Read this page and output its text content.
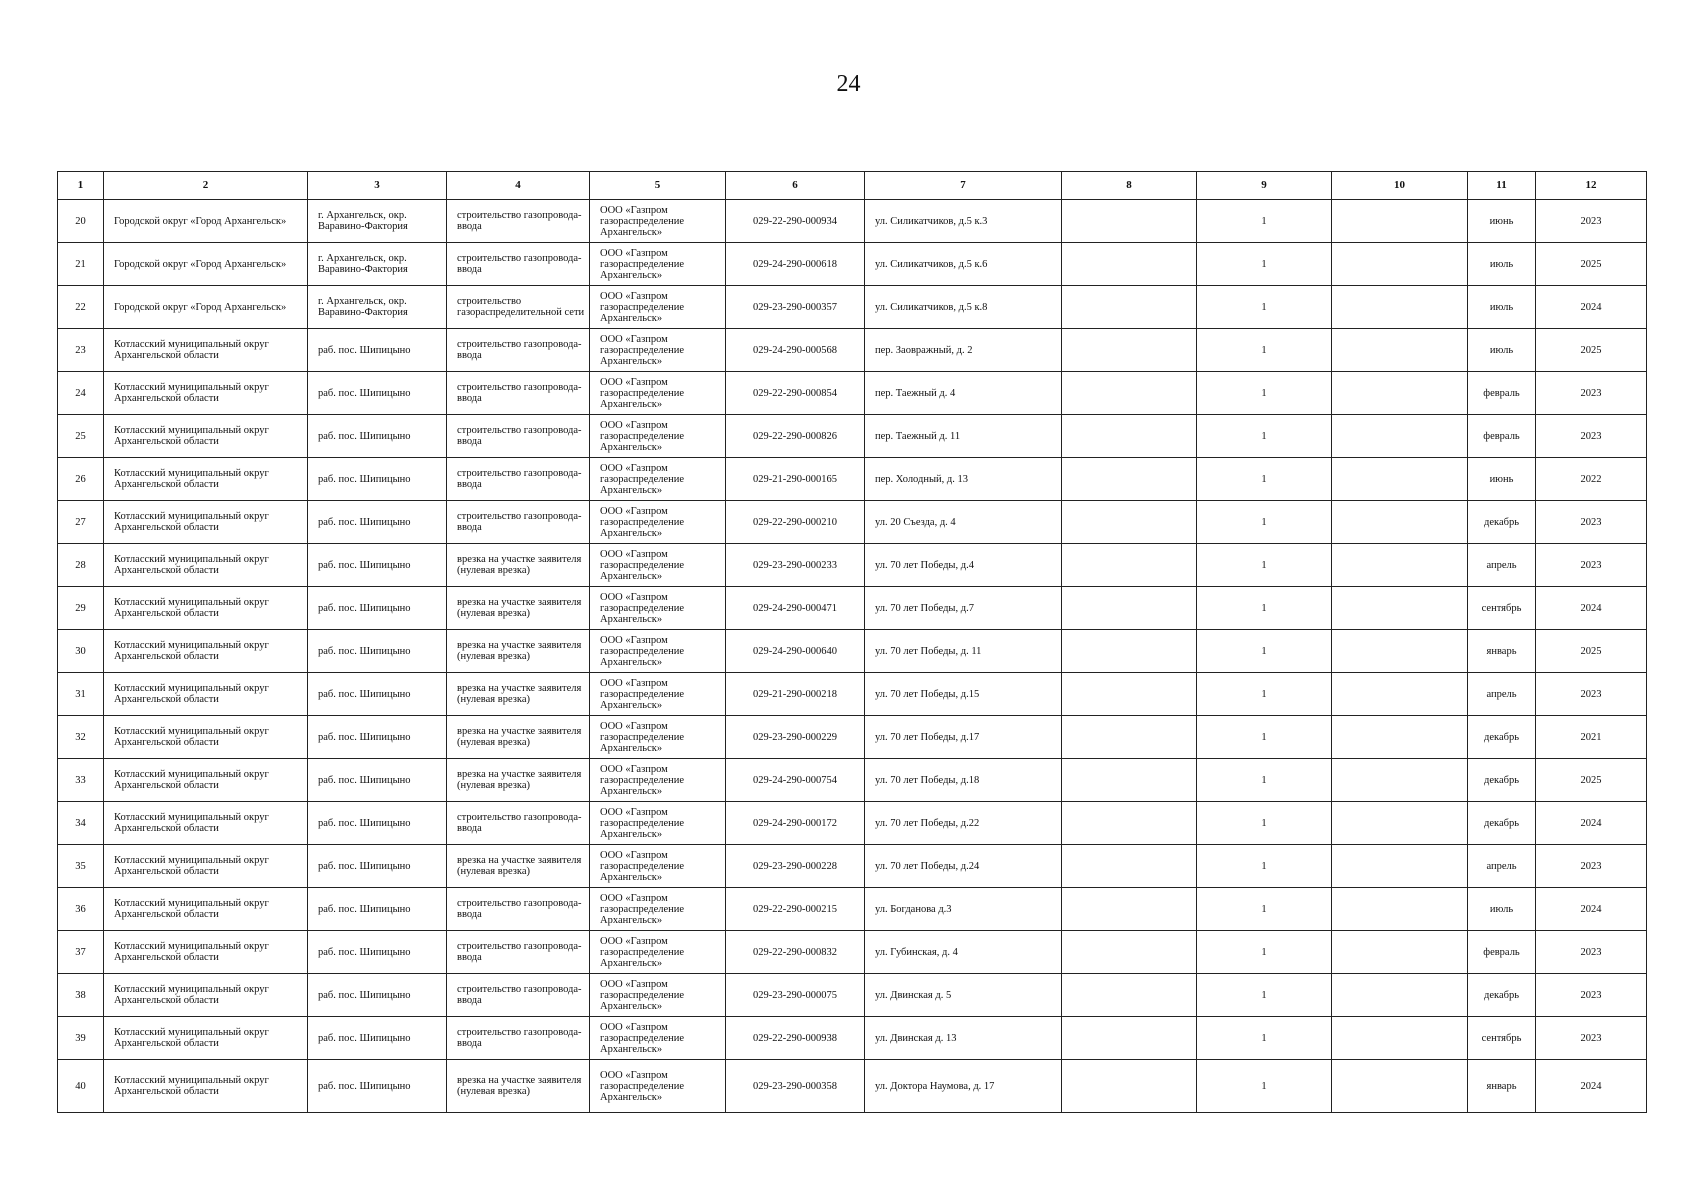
24
1	2	3	4	5	6	7	8	9	10	11	12
20	Городской округ «Город Архангельск»	г. Архангельск, окр. Варавино-Фактория	строительство газопровода-ввода	ООО «Газпром газораспределение Архангельск»	029-22-290-000934	ул. Силикатчиков, д.5 к.3		1		июнь	2023
21	Городской округ «Город Архангельск»	г. Архангельск, окр. Варавино-Фактория	строительство газопровода-ввода	ООО «Газпром газораспределение Архангельск»	029-24-290-000618	ул. Силикатчиков, д.5 к.6		1		июль	2025
22	Городской округ «Город Архангельск»	г. Архангельск, окр. Варавино-Фактория	строительство газораспределительной сети	ООО «Газпром газораспределение Архангельск»	029-23-290-000357	ул. Силикатчиков, д.5 к.8		1		июль	2024
23	Котласский муниципальный округ Архангельской области	раб. пос. Шипицыно	строительство газопровода-ввода	ООО «Газпром газораспределение Архангельск»	029-24-290-000568	пер. Заовражный, д. 2		1		июль	2025
24	Котласский муниципальный округ Архангельской области	раб. пос. Шипицыно	строительство газопровода-ввода	ООО «Газпром газораспределение Архангельск»	029-22-290-000854	пер. Таежный д. 4		1		февраль	2023
25	Котласский муниципальный округ Архангельской области	раб. пос. Шипицыно	строительство газопровода-ввода	ООО «Газпром газораспределение Архангельск»	029-22-290-000826	пер. Таежный д. 11		1		февраль	2023
26	Котласский муниципальный округ Архангельской области	раб. пос. Шипицыно	строительство газопровода-ввода	ООО «Газпром газораспределение Архангельск»	029-21-290-000165	пер. Холодный, д. 13		1		июнь	2022
27	Котласский муниципальный округ Архангельской области	раб. пос. Шипицыно	строительство газопровода-ввода	ООО «Газпром газораспределение Архангельск»	029-22-290-000210	ул. 20 Съезда, д. 4		1		декабрь	2023
28	Котласский муниципальный округ Архангельской области	раб. пос. Шипицыно	врезка на участке заявителя (нулевая врезка)	ООО «Газпром газораспределение Архангельск»	029-23-290-000233	ул. 70 лет Победы, д.4		1		апрель	2023
29	Котласский муниципальный округ Архангельской области	раб. пос. Шипицыно	врезка на участке заявителя (нулевая врезка)	ООО «Газпром газораспределение Архангельск»	029-24-290-000471	ул. 70 лет Победы, д.7		1		сентябрь	2024
30	Котласский муниципальный округ Архангельской области	раб. пос. Шипицыно	врезка на участке заявителя (нулевая врезка)	ООО «Газпром газораспределение Архангельск»	029-24-290-000640	ул. 70 лет Победы, д. 11		1		январь	2025
31	Котласский муниципальный округ Архангельской области	раб. пос. Шипицыно	врезка на участке заявителя (нулевая врезка)	ООО «Газпром газораспределение Архангельск»	029-21-290-000218	ул. 70 лет Победы, д.15		1		апрель	2023
32	Котласский муниципальный округ Архангельской области	раб. пос. Шипицыно	врезка на участке заявителя (нулевая врезка)	ООО «Газпром газораспределение Архангельск»	029-23-290-000229	ул. 70 лет Победы, д.17		1		декабрь	2021
33	Котласский муниципальный округ Архангельской области	раб. пос. Шипицыно	врезка на участке заявителя (нулевая врезка)	ООО «Газпром газораспределение Архангельск»	029-24-290-000754	ул. 70 лет Победы, д.18		1		декабрь	2025
34	Котласский муниципальный округ Архангельской области	раб. пос. Шипицыно	строительство газопровода-ввода	ООО «Газпром газораспределение Архангельск»	029-24-290-000172	ул. 70 лет Победы, д.22		1		декабрь	2024
35	Котласский муниципальный округ Архангельской области	раб. пос. Шипицыно	врезка на участке заявителя (нулевая врезка)	ООО «Газпром газораспределение Архангельск»	029-23-290-000228	ул. 70 лет Победы, д.24		1		апрель	2023
36	Котласский муниципальный округ Архангельской области	раб. пос. Шипицыно	строительство газопровода-ввода	ООО «Газпром газораспределение Архангельск»	029-22-290-000215	ул. Богданова д.3		1		июль	2024
37	Котласский муниципальный округ Архангельской области	раб. пос. Шипицыно	строительство газопровода-ввода	ООО «Газпром газораспределение Архангельск»	029-22-290-000832	ул. Губинская, д. 4		1		февраль	2023
38	Котласский муниципальный округ Архангельской области	раб. пос. Шипицыно	строительство газопровода-ввода	ООО «Газпром газораспределение Архангельск»	029-23-290-000075	ул. Двинская д. 5		1		декабрь	2023
39	Котласский муниципальный округ Архангельской области	раб. пос. Шипицыно	строительство газопровода-ввода	ООО «Газпром газораспределение Архангельск»	029-22-290-000938	ул. Двинская д. 13		1		сентябрь	2023
40	Котласский муниципальный округ Архангельской области	раб. пос. Шипицыно	врезка на участке заявителя (нулевая врезка)	ООО «Газпром газораспределение Архангельск»	029-23-290-000358	ул. Доктора Наумова, д. 17		1		январь	2024
